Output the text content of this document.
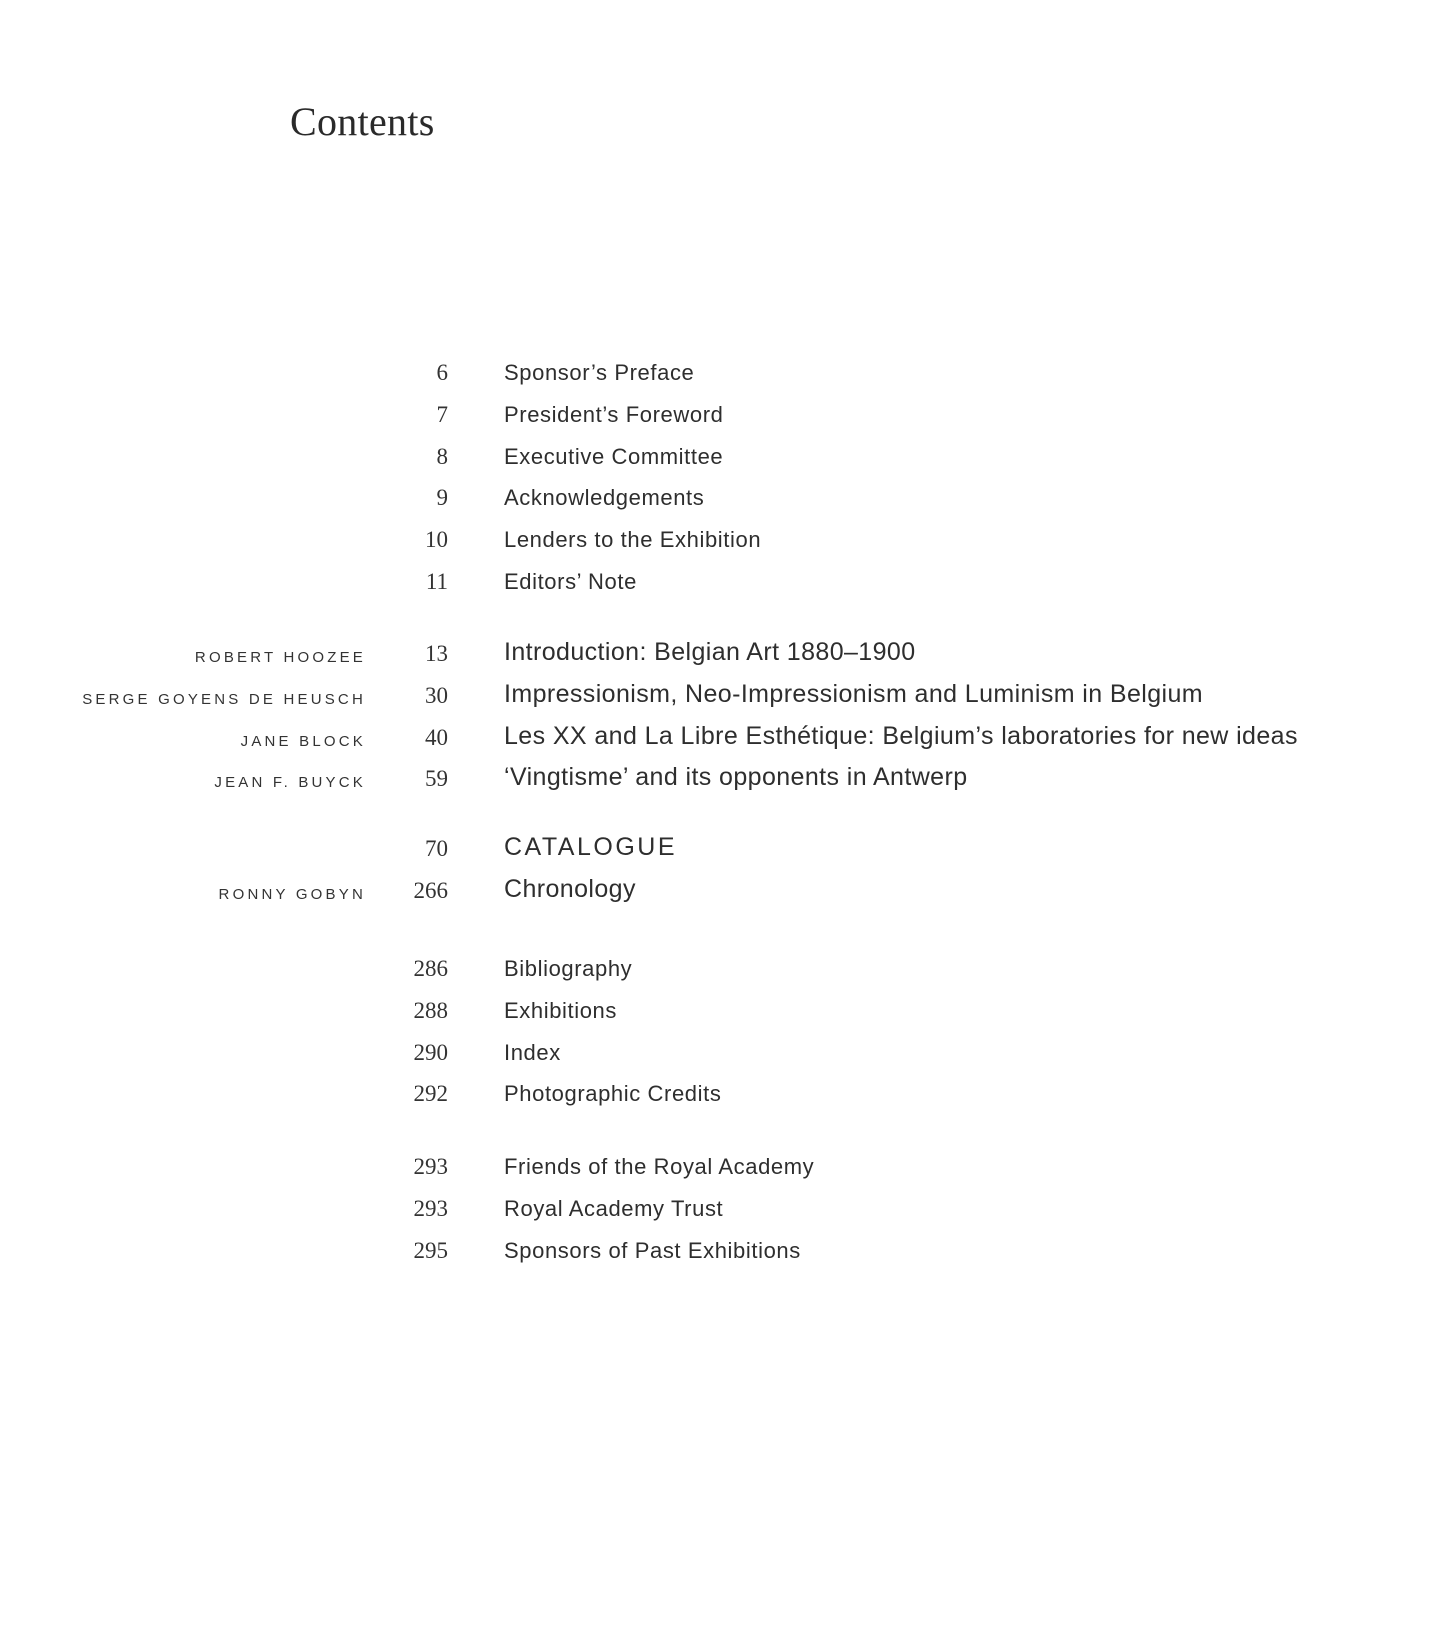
Contents
6	Sponsor’s Preface
7	President’s Foreword
8	Executive Committee
9	Acknowledgements
10	Lenders to the Exhibition
11	Editors’ Note
ROBERT HOOZEE	13 Introduction: Belgian Art 1880–1900
SERGE GOYENS DE HEUSCH	30 Impressionism, Neo-Impressionism and Luminism in Belgium
JANE BLOCK	40 Les XX and La Libre Esthétique: Belgium’s laboratories for new ideas
JEAN F. BUYCK	59 ‘Vingtisme’ and its opponents in Antwerp
70 CATALOGUE
RONNY GOBYN 266 Chronology
286	Bibliography
288	Exhibitions
290	Index
292	Photographic Credits
293	Friends of the Royal Academy
293	Royal Academy Trust
295	Sponsors of Past Exhibitions
